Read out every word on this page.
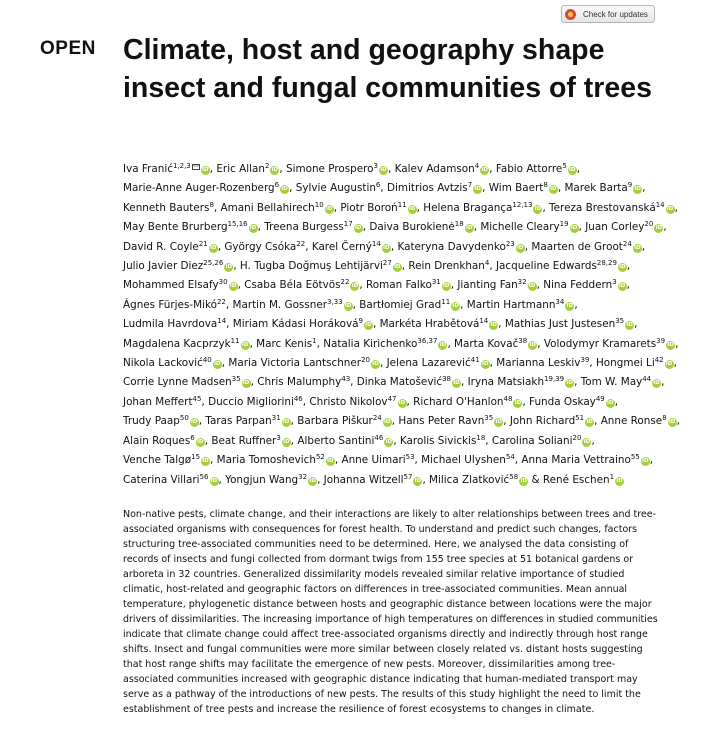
Check for updates
OPEN Climate, host and geography shape insect and fungal communities of trees
Iva Franić$^{1,2,3}$ iD, Eric Allan$^2$ iD, Simone Prospero$^3$ iD, Kalev Adamson$^4$ iD, Fabio Attorre$^5$ iD, Marie-Anne Auger-Rozenberg$^6$ iD, Sylvie Augustin$^6$, Dimitrios Avtzis$^7$ iD, Wim Baert$^8$ iD, Marek Barta$^9$ iD, Kenneth Bauters$^8$, Amani Bellahirech$^{10}$ iD, Piotr Boroń$^{11}$ iD, Helena Bragança$^{12,13}$ iD, Tereza Brestovanská$^{14}$ iD, May Bente Brurberg$^{15,16}$ iD, Treena Burgess$^{17}$ iD, Daiva Burokienė$^{18}$ iD, Michelle Cleary$^{19}$ iD, Juan Corley$^{20}$ iD, David R. Coyle$^{21}$ iD, György Csóka$^{22}$, Karel Černý$^{14}$ iD, Kateryna Davydenko$^{23}$ iD, Maarten de Groot$^{24}$ iD, Julio Javier Diez$^{25,26}$ iD, H. Tugba Doğmuş Lehtijärvi$^{27}$ iD, Rein Drenkhan$^4$, Jacqueline Edwards$^{28,29}$ iD, Mohammed Elsafy$^{30}$ iD, Csaba Béla Eötvös$^{22}$ iD, Roman Falko$^{31}$ iD, Jianting Fan$^{32}$ iD, Nina Feddern$^3$ iD, Ágnes Fürjes-Mikó$^{22}$, Martin M. Gossner$^{3,33}$ iD, Bartłomiej Grad$^{11}$ iD, Martin Hartmann$^{34}$ iD, Ludmila Havrdova$^{14}$, Miriam Kádasi Horáková$^9$ iD, Markéta Hrabětová$^{14}$ iD, Mathias Just Justesen$^{35}$ iD, Magdalena Kacprzyk$^{11}$ iD, Marc Kenis$^1$, Natalia Kirichenko$^{36,37}$ iD, Marta Kovač$^{38}$ iD, Volodymyr Kramarets$^{39}$ iD, Nikola Lacković$^{40}$ iD, Maria Victoria Lantschner$^{20}$ iD, Jelena Lazarević$^{41}$ iD, Marianna Leskiv$^{39}$, Hongmei Li$^{42}$ iD, Corrie Lynne Madsen$^{35}$ iD, Chris Malumphy$^{43}$, Dinka Matošević$^{38}$ iD, Iryna Matsiakh$^{19,39}$ iD, Tom W. May$^{44}$ iD, Johan Meffert$^{45}$, Duccio Migliorini$^{46}$, Christo Nikolov$^{47}$ iD, Richard O'Hanlon$^{48}$ iD, Funda Oskay$^{49}$ iD, Trudy Paap$^{50}$ iD, Taras Parpan$^{31}$ iD, Barbara Piškur$^{24}$ iD, Hans Peter Ravn$^{35}$ iD, John Richard$^{51}$ iD, Anne Ronse$^8$ iD, Alain Roques$^6$ iD, Beat Ruffner$^3$ iD, Alberto Santini$^{46}$ iD, Karolis Sivickis$^{18}$, Carolina Soliani$^{20}$ iD, Venche Talgø$^{15}$ iD, Maria Tomoshevich$^{52}$ iD, Anne Uimari$^{53}$, Michael Ulyshen$^{54}$, Anna Maria Vettraino$^{55}$ iD, Caterina Villari$^{56}$ iD, Yongjun Wang$^{32}$ iD, Johanna Witzell$^{57}$ iD, Milica Zlatković$^{58}$ iD & René Eschen$^1$ iD

Non-native pests, climate change, and their interactions are likely to alter relationships between trees and tree-associated organisms with consequences for forest health. To understand and predict such changes, factors structuring tree-associated communities need to be determined. Here, we analysed the data consisting of records of insects and fungi collected from dormant twigs from 155 tree species at 51 botanical gardens or arboreta in 32 countries. Generalized dissimilarity models revealed similar relative importance of studied climatic, host-related and geographic factors on differences in tree-associated communities. Mean annual temperature, phylogenetic distance between hosts and geographic distance between locations were the major drivers of dissimilarities. The increasing importance of high temperatures on differences in studied communities indicate that climate change could affect tree-associated organisms directly and indirectly through host range shifts. Insect and fungal communities were more similar between closely related vs. distant hosts suggesting that host range shifts may facilitate the emergence of new pests. Moreover, dissimilarities among tree-associated communities increased with geographic distance indicating that human-mediated transport may serve as a pathway of the introductions of new pests. The results of this study highlight the need to limit the establishment of tree pests and increase the resilience of forest ecosystems to changes in climate.
